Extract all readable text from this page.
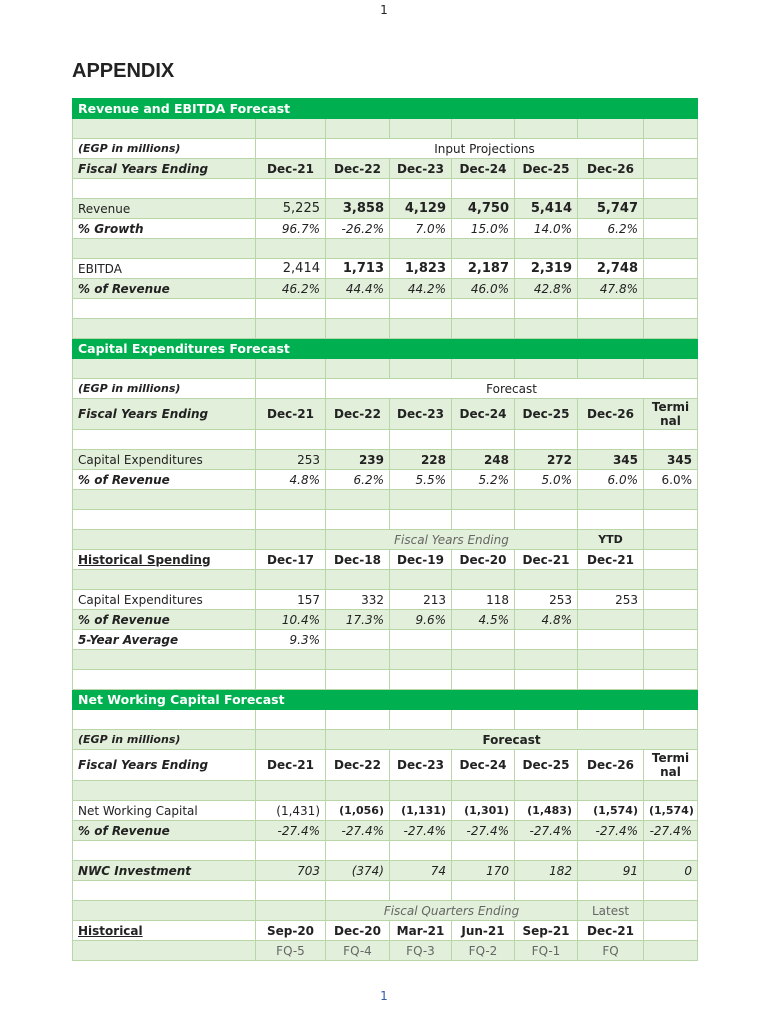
1
APPENDIX
Revenue and EBITDA Forecast							

(EGP in millions)		Input Projections					
Fiscal Years Ending	Dec-21	Dec-22	Dec-23	Dec-24	Dec-25	Dec-26	

Revenue	5,225	3,858	4,129	4,750	5,414	5,747	
% Growth	96.7%	-26.2%	7.0%	15.0%	14.0%	6.2%	

EBITDA	2,414	1,713	1,823	2,187	2,319	2,748	
% of Revenue	46.2%	44.4%	44.2%	46.0%	42.8%	47.8%	

Capital Expenditures Forecast							

(EGP in millions)		Forecast					
Fiscal Years Ending	Dec-21	Dec-22	Dec-23	Dec-24	Dec-25	Dec-26	Termi
nal

Capital Expenditures	253	239	228	248	272	345	345
% of Revenue	4.8%	6.2%	5.5%	5.2%	5.0%	6.0%	6.0%

		Fiscal Years Ending				YTD	
Historical Spending	Dec-17	Dec-18	Dec-19	Dec-20	Dec-21	Dec-21	

Capital Expenditures	157	332	213	118	253	253	
% of Revenue	10.4%	17.3%	9.6%	4.5%	4.8%		
5-Year Average	9.3%						

Net Working Capital Forecast							

(EGP in millions)		Forecast					
Fiscal Years Ending	Dec-21	Dec-22	Dec-23	Dec-24	Dec-25	Dec-26	Termi
nal

Net Working Capital	(1,431)	(1,056)	(1,131)	(1,301)	(1,483)	(1,574)	(1,574)
% of Revenue	-27.4%	-27.4%	-27.4%	-27.4%	-27.4%	-27.4%	-27.4%

NWC Investment	703	(374)	74	170	182	91	0

		Fiscal Quarters Ending				Latest	
Historical	Sep-20	Dec-20	Mar-21	Jun-21	Sep-21	Dec-21	
	FQ-5	FQ-4	FQ-3	FQ-2	FQ-1	FQ	
1
